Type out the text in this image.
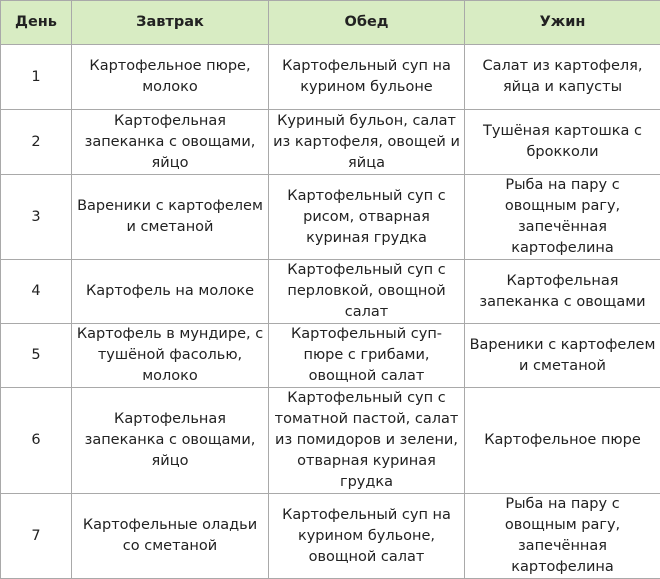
День	Завтрак	Обед	Ужин
1	Картофельное пюре, молоко	Картофельный суп на курином бульоне	Салат из картофеля, яйца и капусты
2	Картофельная запеканка с овощами, яйцо	Куриный бульон, салат из картофеля, овощей и яйца	Тушёная картошка с брокколи
3	Вареники с картофелем и сметаной	Картофельный суп с рисом, отварная куриная грудка	Рыба на пару с овощным рагу, запечённая картофелина
4	Картофель на молоке	Картофельный суп с перловкой, овощной салат	Картофельная запеканка с овощами
5	Картофель в мундире, с тушёной фасолью, молоко	Картофельный суп-пюре с грибами, овощной салат	Вареники с картофелем и сметаной
6	Картофельная запеканка с овощами, яйцо	Картофельный суп с томатной пастой, салат из помидоров и зелени, отварная куриная грудка	Картофельное пюре
7	Картофельные оладьи со сметаной	Картофельный суп на курином бульоне, овощной салат	Рыба на пару с овощным рагу, запечённая картофелина
